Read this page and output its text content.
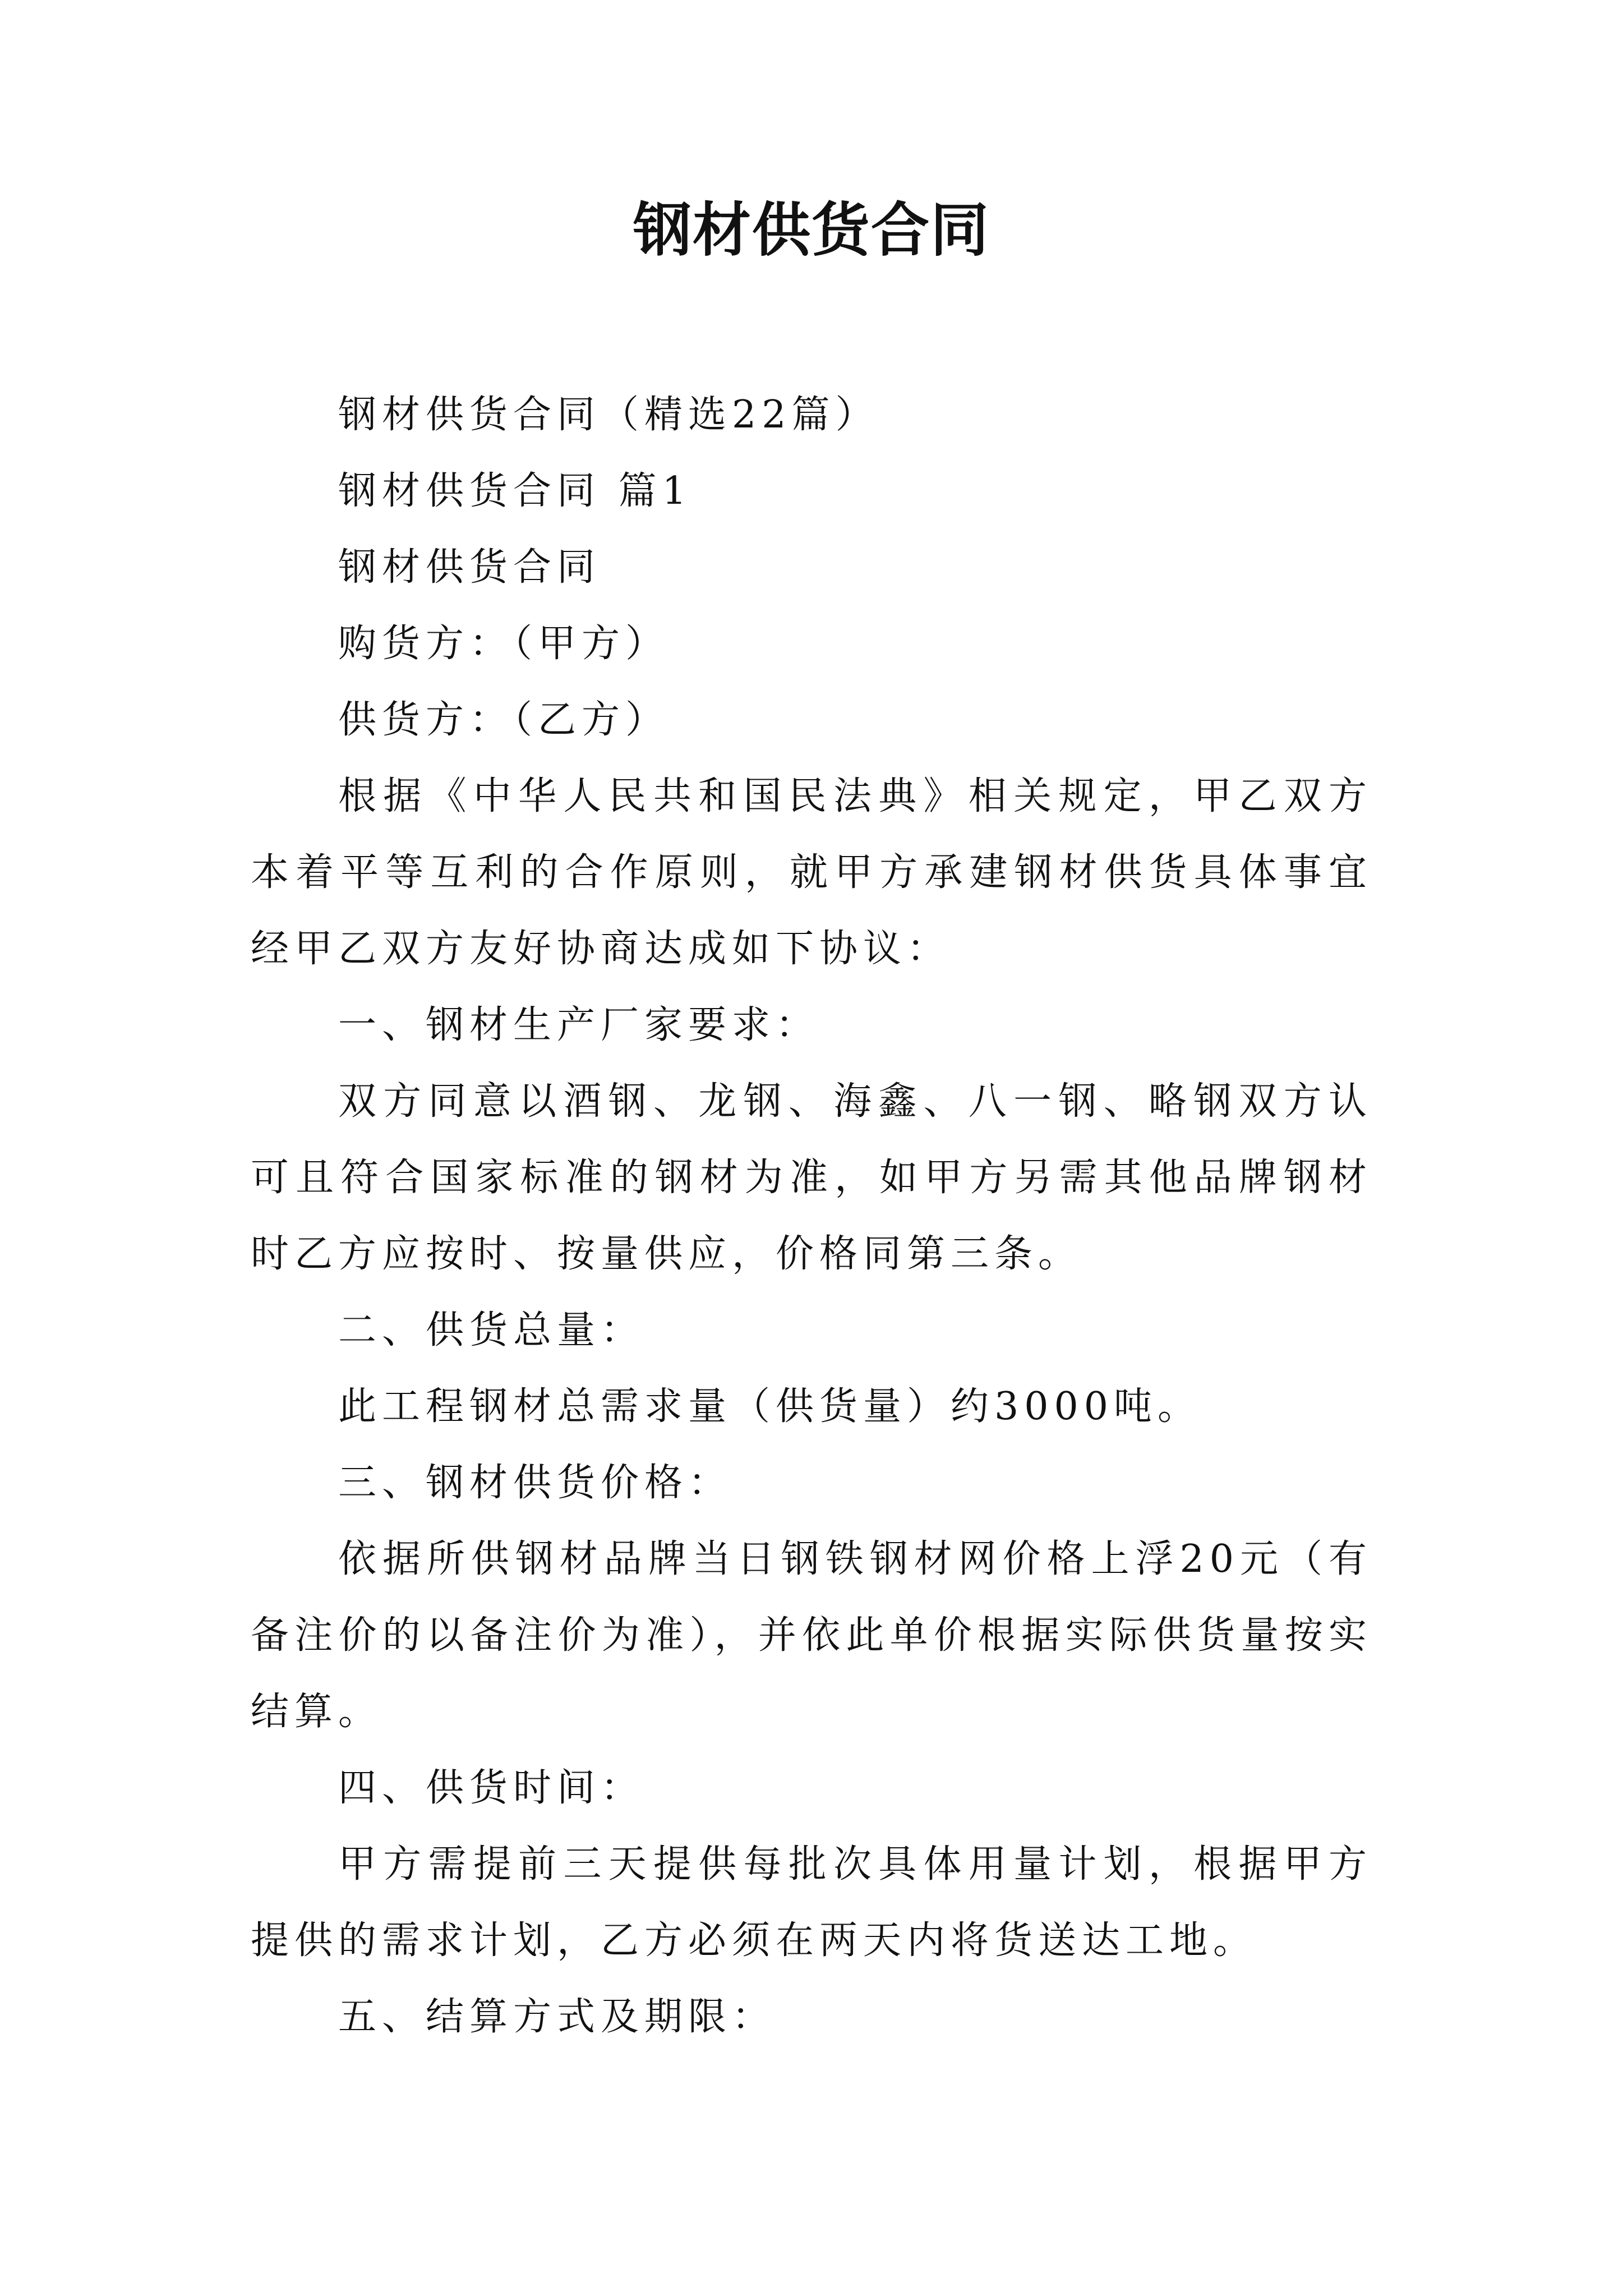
钢材供货合同

钢材供货合同（精选22篇）

钢材供货合同 篇1

钢材供货合同

购货方：（甲方）

供货方：（乙方）

根据《中华人民共和国民法典》相关规定，甲乙双方本着平等互利的合作原则，就甲方承建钢材供货具体事宜经甲乙双方友好协商达成如下协议：

一、钢材生产厂家要求：

双方同意以酒钢、龙钢、海鑫、八一钢、略钢双方认可且符合国家标准的钢材为准，如甲方另需其他品牌钢材时乙方应按时、按量供应，价格同第三条。

二、供货总量：

此工程钢材总需求量（供货量）约3000吨。

三、钢材供货价格：

依据所供钢材品牌当日钢铁钢材网价格上浮20元（有备注价的以备注价为准），并依此单价根据实际供货量按实结算。

四、供货时间：

甲方需提前三天提供每批次具体用量计划，根据甲方提供的需求计划，乙方必须在两天内将货送达工地。

五、结算方式及期限：
